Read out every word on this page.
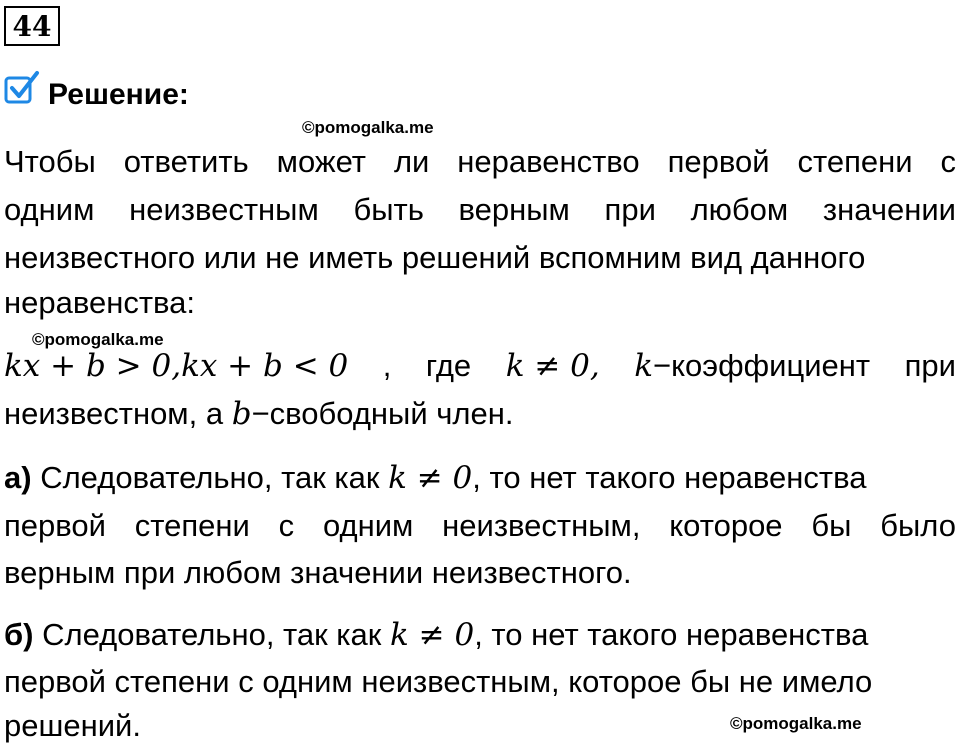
44
Решение:
©pomogalka.me
Чтобы ответить может ли неравенство первой степени с
одним неизвестным быть верным при любом значении
неизвестного или не иметь решений вспомним вид данного
неравенства:
©pomogalka.me
kx + b > 0,kx + b < 0 , где k ≠ 0, k−коэффициент при
неизвестном, а b−свободный член.
а) Следовательно, так как k ≠ 0, то нет такого неравенства
первой степени с одним неизвестным, которое бы было
верным при любом значении неизвестного.
б) Следовательно, так как k ≠ 0, то нет такого неравенства
первой степени с одним неизвестным, которое бы не имело
решений.	©pomogalka.me
